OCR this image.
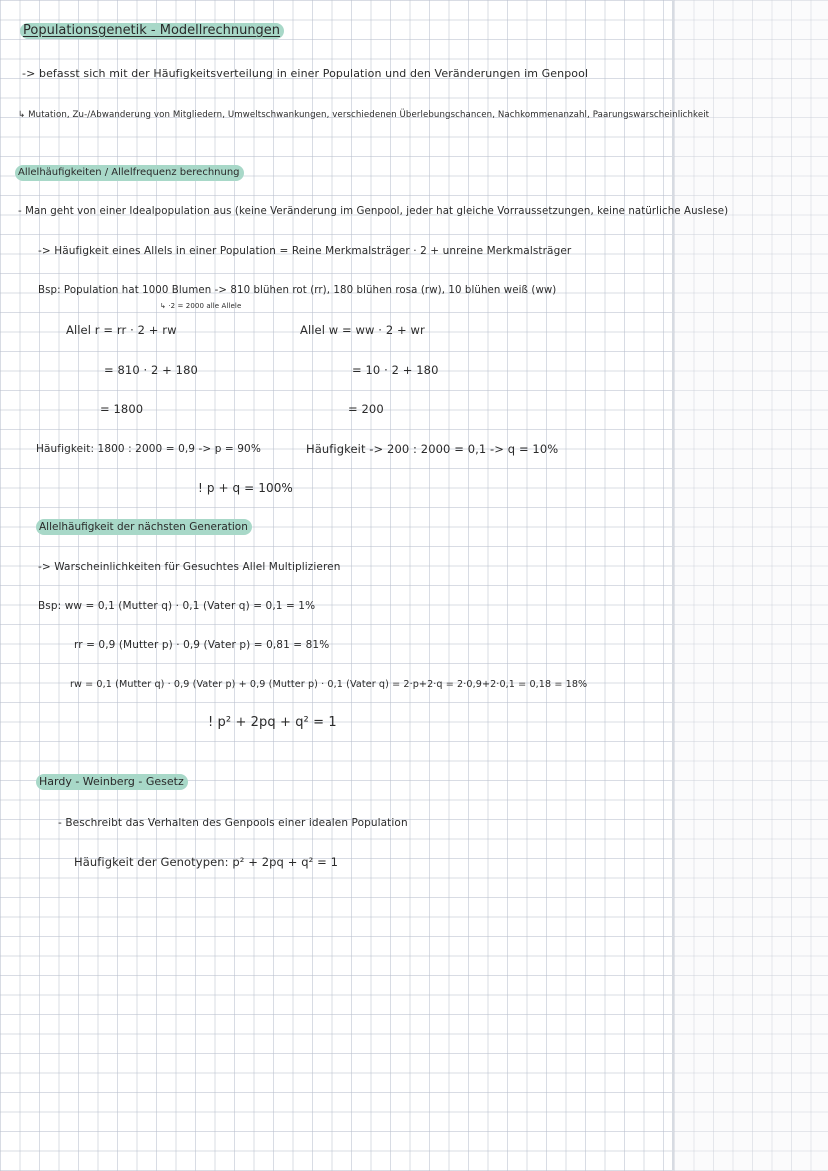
Populationsgenetik - Modellrechnungen
-> befasst sich mit der Häufigkeitsverteilung in einer Population und den Veränderungen im Genpool
↳ Mutation, Zu-/Abwanderung von Mitgliedern, Umweltschwankungen, verschiedenen Überlebungschancen, Nachkommenanzahl, Paarungswarscheinlichkeit
Allelhäufigkeiten / Allelfrequenz berechnung
- Man geht von einer Idealpopulation aus (keine Veränderung im Genpool, jeder hat gleiche Vorraussetzungen, keine natürliche Auslese)
-> Häufigkeit eines Allels in einer Population = Reine Merkmalsträger · 2 + unreine Merkmalsträger
Bsp: Population hat 1000 Blumen -> 810 blühen rot (rr), 180 blühen rosa (rw), 10 blühen weiß (ww)
↳ ·2 = 2000 alle Allele
Allel r = rr · 2 + rw
= 810 · 2 + 180
= 1800
Allel w = ww · 2 + wr
= 10 · 2 + 180
= 200
Häufigkeit: 1800 : 2000 = 0,9 -> p = 90%	Häufigkeit -> 200 : 2000 = 0,1 -> q = 10%
! p + q = 100%
Allelhäufigkeit der nächsten Generation
-> Warscheinlichkeiten für Gesuchtes Allel Multiplizieren
Bsp: ww = 0,1 (Mutter q) · 0,1 (Vater q) = 0,1 = 1%
rr = 0,9 (Mutter p) · 0,9 (Vater p) = 0,81 = 81%
rw = 0,1 (Mutter q) · 0,9 (Vater p) + 0,9 (Mutter p) · 0,1 (Vater q) = 2·p+2·q = 2·0,9+2·0,1 = 0,18 = 18%
! p² + 2pq + q² = 1
Hardy - Weinberg - Gesetz
- Beschreibt das Verhalten des Genpools einer idealen Population
Häufigkeit der Genotypen: p² + 2pq + q² = 1
